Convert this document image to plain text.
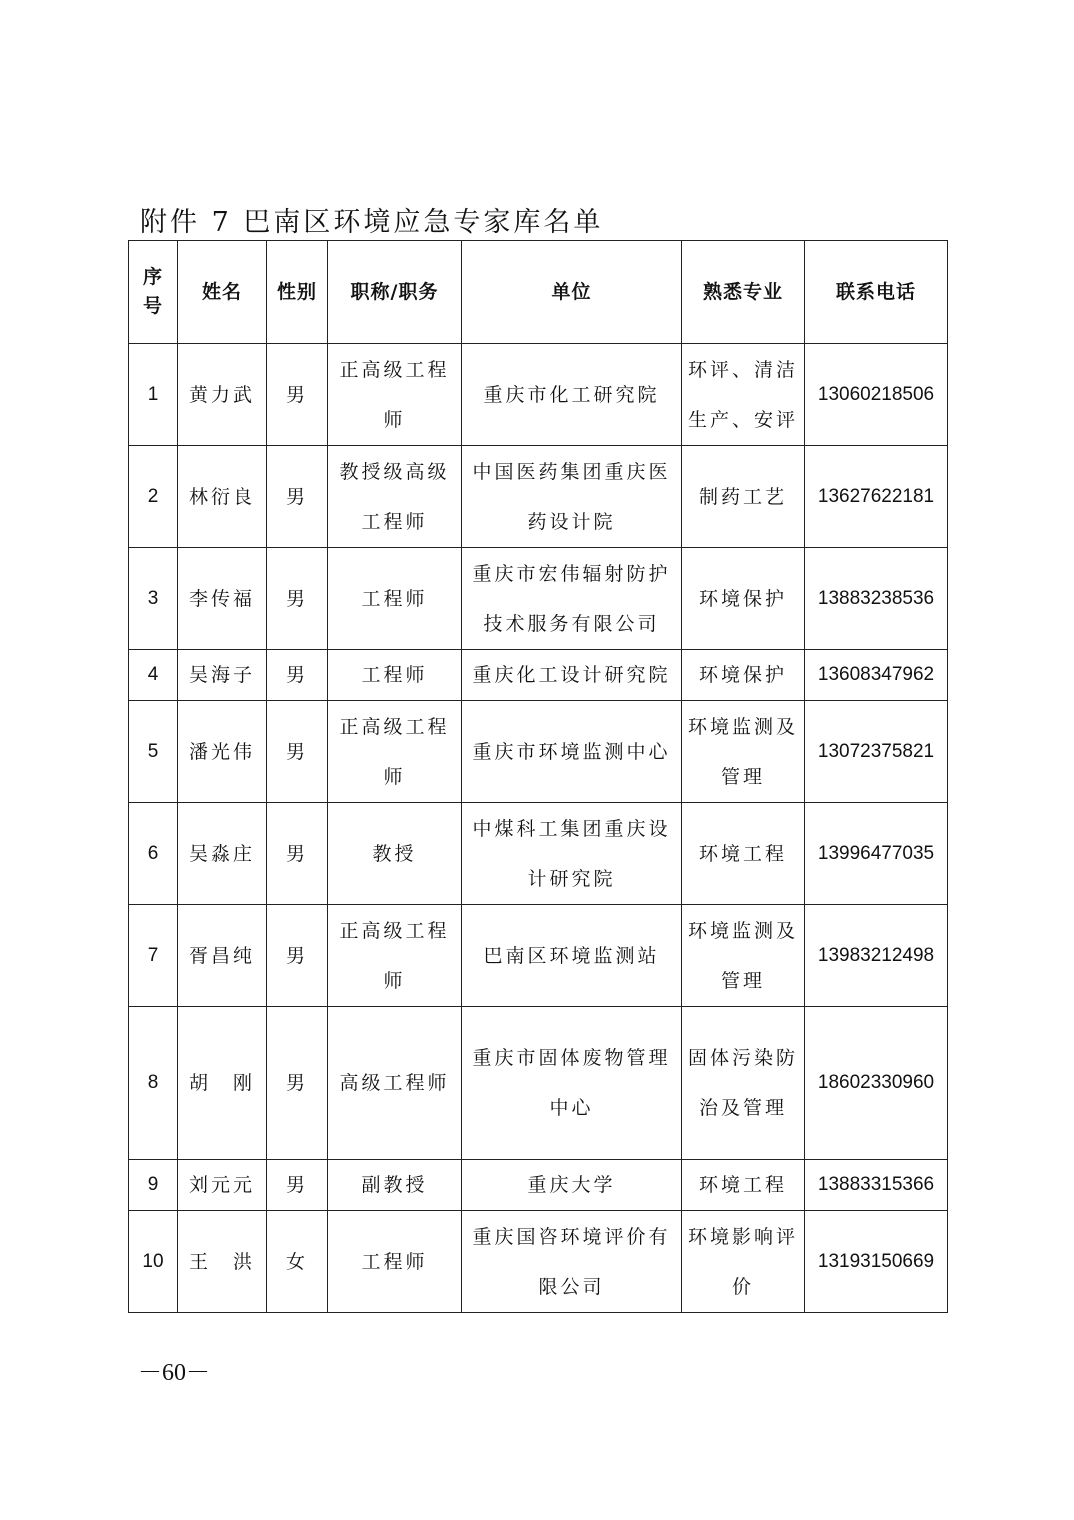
附件 7 巴南区环境应急专家库名单
序号	姓名	性别	职称/职务	单位	熟悉专业	联系电话
1	黄力武	男	正高级工程师	重庆市化工研究院	环评、清洁生产、安评	13060218506
2	林衍良	男	教授级高级工程师	中国医药集团重庆医药设计院	制药工艺	13627622181
3	李传福	男	工程师	重庆市宏伟辐射防护技术服务有限公司	环境保护	13883238536
4	吴海子	男	工程师	重庆化工设计研究院	环境保护	13608347962
5	潘光伟	男	正高级工程师	重庆市环境监测中心	环境监测及管理	13072375821
6	吴淼庄	男	教授	中煤科工集团重庆设计研究院	环境工程	13996477035
7	胥昌纯	男	正高级工程师	巴南区环境监测站	环境监测及管理	13983212498
8	胡　刚	男	高级工程师	重庆市固体废物管理中心	固体污染防治及管理	18602330960
9	刘元元	男	副教授	重庆大学	环境工程	13883315366
10	王　洪	女	工程师	重庆国咨环境评价有限公司	环境影响评价	13193150669
－60－
